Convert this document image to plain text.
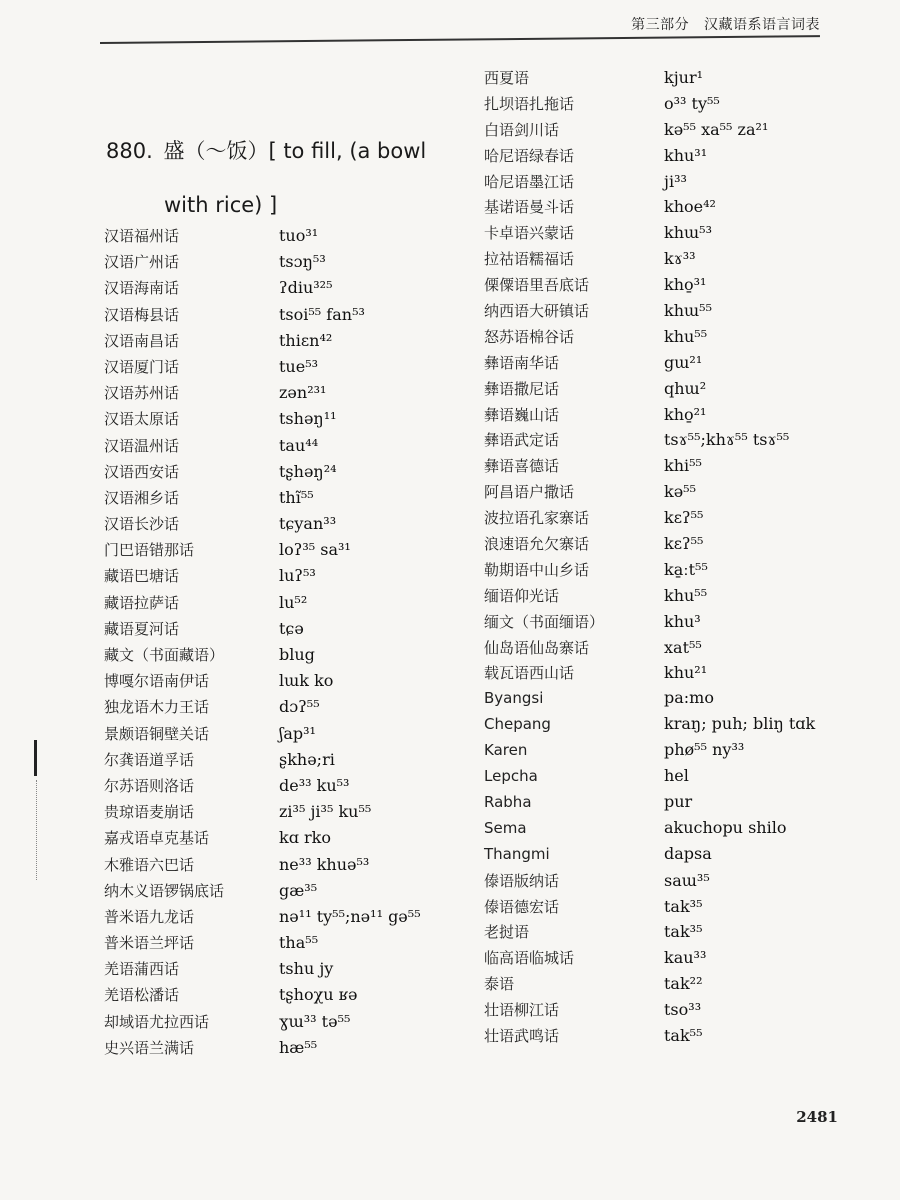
第三部分 汉藏语系语言词表
880. 盛（～饭）[ to fill, (a bowl
with rice) ]
汉语福州话	tuo³¹
汉语广州话	tsɔŋ⁵³
汉语海南话	ʔdiu³²⁵
汉语梅县话	tsoi⁵⁵ fan⁵³
汉语南昌话	thiɛn⁴²
汉语厦门话	tue⁵³
汉语苏州话	zən²³¹
汉语太原话	tshəŋ¹¹
汉语温州话	tau⁴⁴
汉语西安话	tʂhəŋ²⁴
汉语湘乡话	thĩ⁵⁵
汉语长沙话	tɕyan³³
门巴语错那话	loʔ³⁵ sa³¹
藏语巴塘话	luʔ⁵³
藏语拉萨话	lu⁵²
藏语夏河话	tɕə
藏文（书面藏语）	blug
博嘎尔语南伊话	lɯk ko
独龙语木力王话	dɔʔ⁵⁵
景颇语铜壁关话	ʃap³¹
尔龚语道孚话	ʂkhə;ri
尔苏语则洛话	de³³ ku⁵³
贵琼语麦崩话	zi³⁵ ji³⁵ ku⁵⁵
嘉戎语卓克基话	kɑ rko
木雅语六巴话	ne³³ khuə⁵³
纳木义语锣锅底话	gæ³⁵
普米语九龙话	nə¹¹ ty⁵⁵;nə¹¹ gə⁵⁵
普米语兰坪话	tha⁵⁵
羌语蒲西话	tshu jy
羌语松潘话	tʂhoχu ʁə
却域语尤拉西话	ɣɯ³³ tə⁵⁵
史兴语兰满话	hæ⁵⁵
西夏语	kjur¹
扎坝语扎拖话	o³³ ty⁵⁵
白语剑川话	kə⁵⁵ xa⁵⁵ za²¹
哈尼语绿春话	khu³¹
哈尼语墨江话	ji³³
基诺语曼斗话	khoe⁴²
卡卓语兴蒙话	khɯ⁵³
拉祜语糯福话	kɤ³³
傈僳语里吾底话	kho̱³¹
纳西语大研镇话	khɯ⁵⁵
怒苏语棉谷话	khu⁵⁵
彝语南华话	gɯ²¹
彝语撒尼话	qhɯ²
彝语巍山话	kho̱²¹
彝语武定话	tsɤ⁵⁵;khɤ⁵⁵ tsɤ⁵⁵
彝语喜德话	khi⁵⁵
阿昌语户撒话	kə⁵⁵
波拉语孔家寨话	kɛʔ⁵⁵
浪速语允欠寨话	kɛʔ⁵⁵
勒期语中山乡话	ka̱ːt⁵⁵
缅语仰光话	khu⁵⁵
缅文（书面缅语）	khu³
仙岛语仙岛寨话	xat⁵⁵
载瓦语西山话	khu²¹
Byangsi	pa:mo
Chepang	kraŋ; puh; bliŋ tɑk
Karen	phø⁵⁵ ny³³
Lepcha	hel
Rabha	pur
Sema	akuchopu shilo
Thangmi	dapsa
傣语版纳话	saɯ³⁵
傣语德宏话	tak³⁵
老挝语	tak³⁵
临高语临城话	kau³³
泰语	tak²²
壮语柳江话	tso³³
壮语武鸣话	tak⁵⁵
2481
